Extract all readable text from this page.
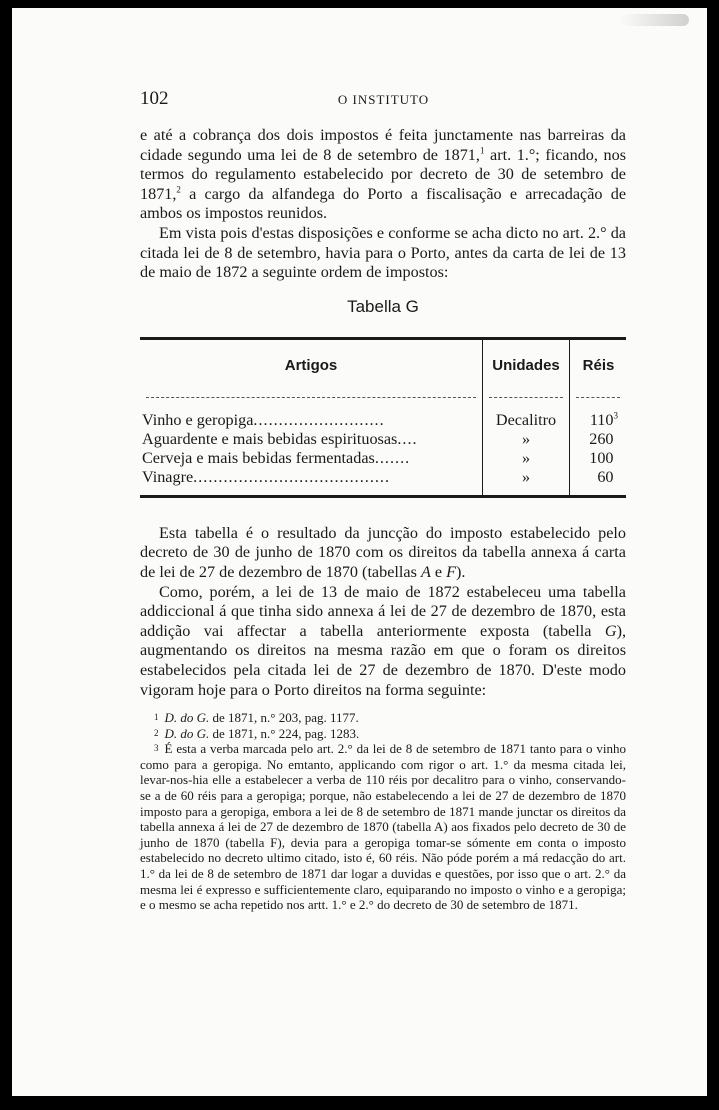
102	O INSTITUTO

e até a cobrança dos dois impostos é feita junctamente nas barreiras da cidade segundo uma lei de 8 de setembro de 1871,$^1$ art. 1.°; ficando, nos termos do regulamento estabelecido por decreto de 30 de setembro de 1871,$^2$ a cargo da alfandega do Porto a fiscalisação e arrecadação de ambos os impostos reunidos.

Em vista pois d'estas disposições e conforme se acha dicto no art. 2.° da citada lei de 8 de setembro, havia para o Porto, antes da carta de lei de 13 de maio de 1872 a seguinte ordem de impostos:

Tabella G
Artigos	Unidades	Réis

Vinho e geropiga..........................	Decalitro	$110^3$
Aguardente e mais bebidas espirituosas....	»	260
Cerveja e mais bebidas fermentadas.......	»	100
Vinagre.......................................	»	60

Esta tabella é o resultado da juncção do imposto estabelecido pelo decreto de 30 de junho de 1870 com os direitos da tabella annexa á carta de lei de 27 de dezembro de 1870 (tabellas A e F).

Como, porém, a lei de 13 de maio de 1872 estabeleceu uma tabella addiccional á que tinha sido annexa á lei de 27 de dezembro de 1870, esta addição vai affectar a tabella anteriormente exposta (tabella G), augmentando os direitos na mesma razão em que o foram os direitos estabelecidos pela citada lei de 27 de dezembro de 1870. D'este modo vigoram hoje para o Porto direitos na forma seguinte:

1 D. do G. de 1871, n.° 203, pag. 1177.

2 D. do G. de 1871, n.° 224, pag. 1283.

3 É esta a verba marcada pelo art. 2.° da lei de 8 de setembro de 1871 tanto para o vinho como para a geropiga. No emtanto, applicando com rigor o art. 1.° da mesma citada lei, levar-nos-hia elle a estabelecer a verba de 110 réis por decalitro para o vinho, conservando-se a de 60 réis para a geropiga; porque, não estabelecendo a lei de 27 de dezembro de 1870 imposto para a geropiga, embora a lei de 8 de setembro de 1871 mande junctar os direitos da tabella annexa á lei de 27 de dezembro de 1870 (tabella A) aos fixados pelo decreto de 30 de junho de 1870 (tabella F), devia para a geropiga tomar-se sómente em conta o imposto estabelecido no decreto ultimo citado, isto é, 60 réis. Não póde porém a má redacção do art. 1.° da lei de 8 de setembro de 1871 dar logar a duvidas e questões, por isso que o art. 2.° da mesma lei é expresso e sufficientemente claro, equiparando no imposto o vinho e a geropiga; e o mesmo se acha repetido nos artt. 1.° e 2.° do decreto de 30 de setembro de 1871.
